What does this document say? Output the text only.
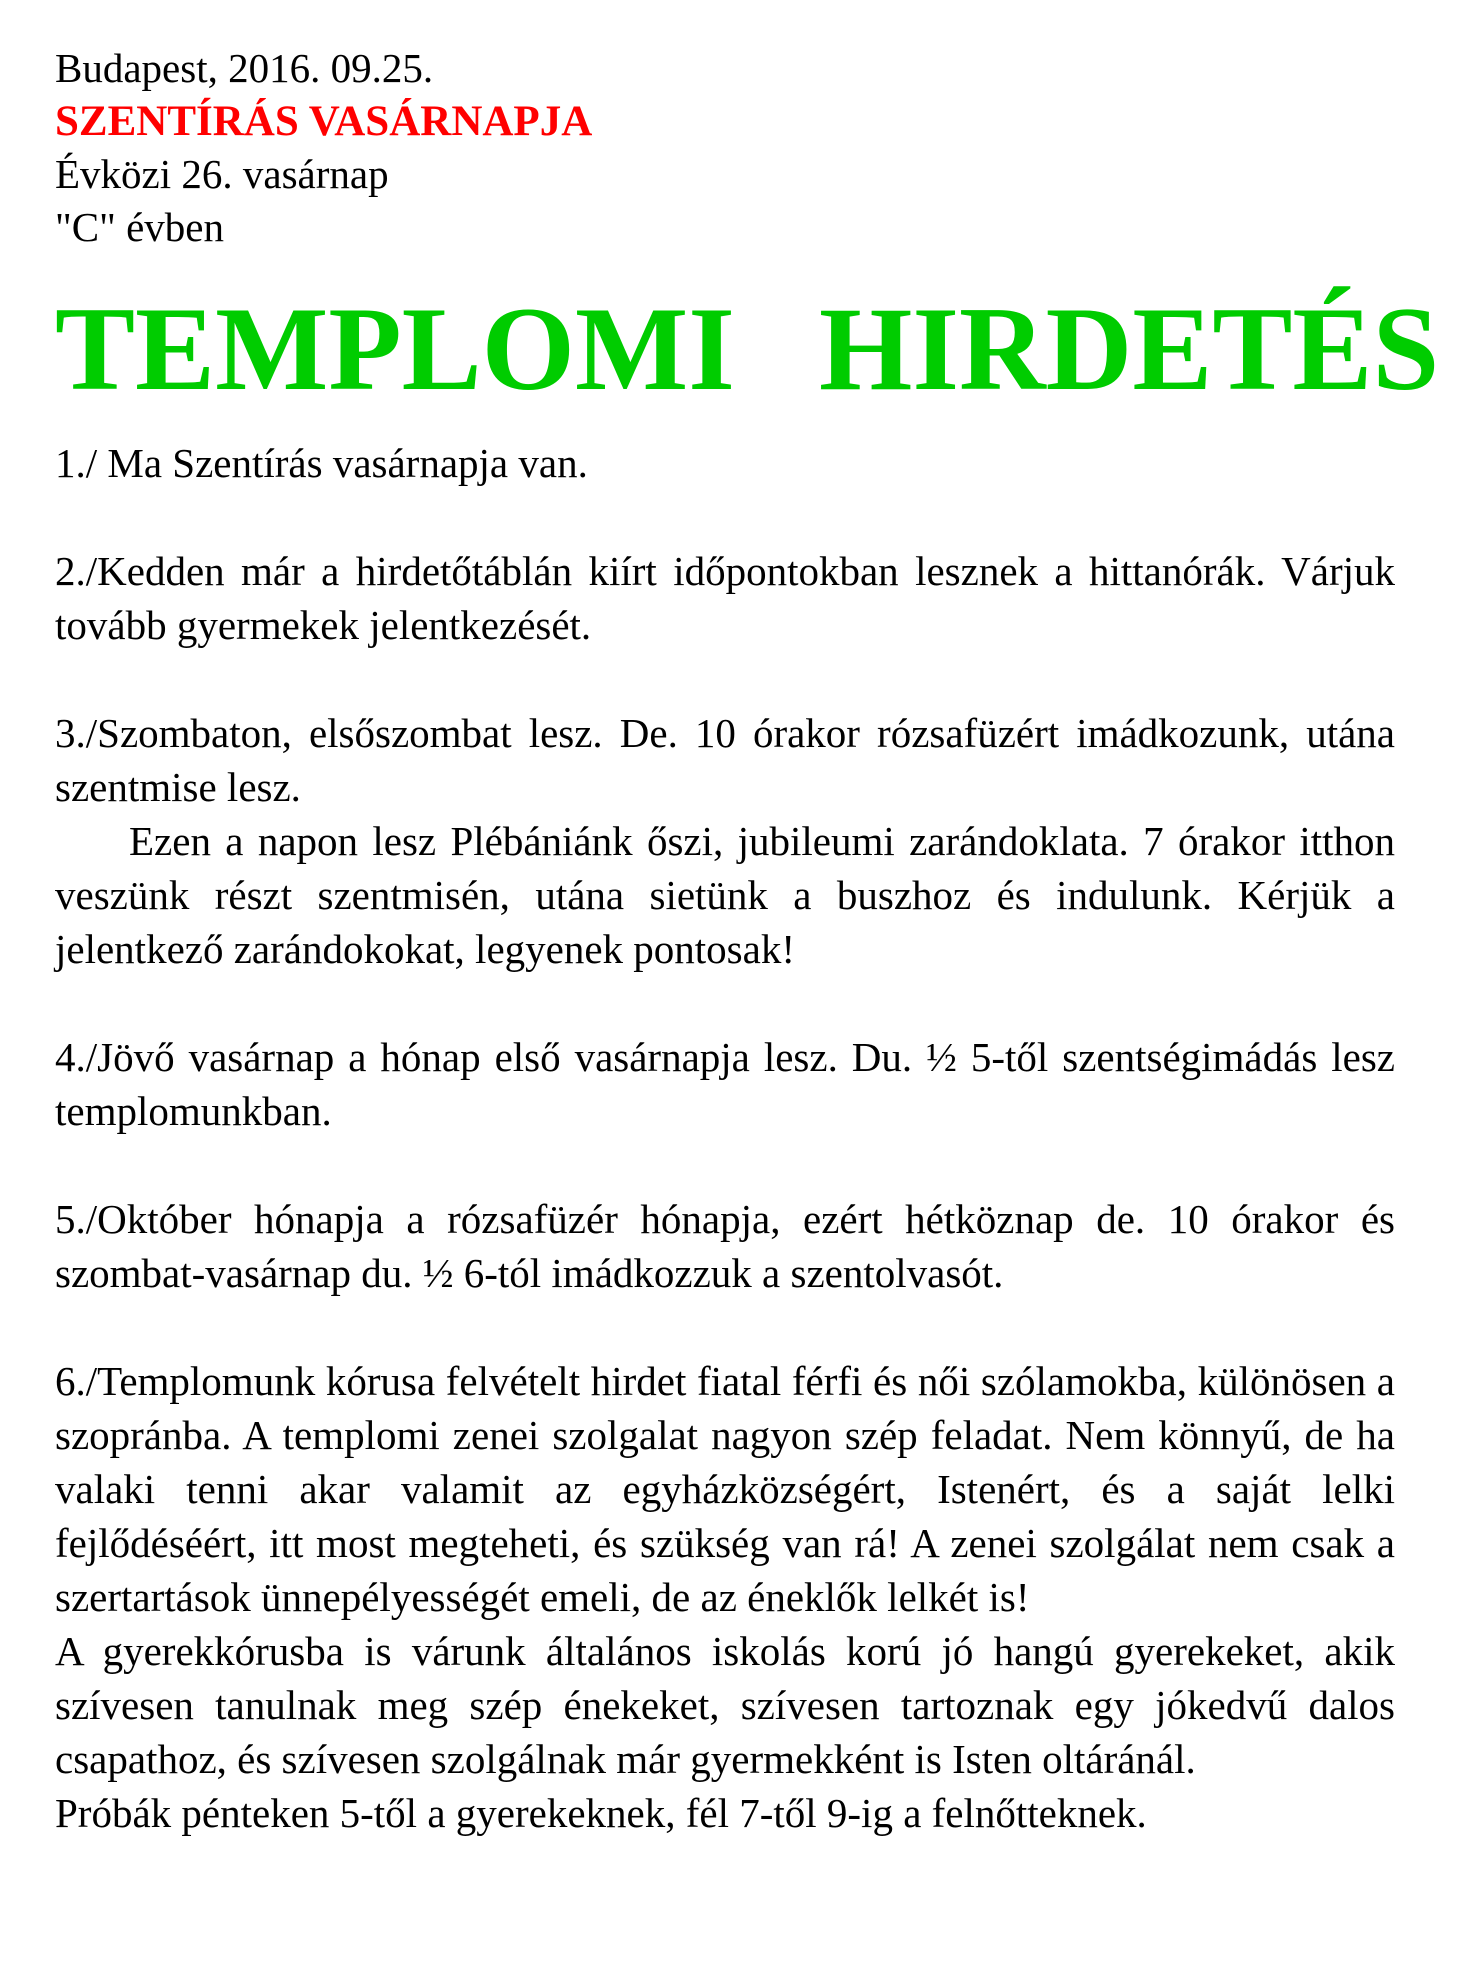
Budapest, 2016. 09.25.

SZENTÍRÁS VASÁRNAPJA

Évközi 26. vasárnap

"C" évben

TEMPLOMI HIRDETÉS

1./ Ma Szentírás vasárnapja van.

2./Kedden már a hirdetőtáblán kiírt időpontokban lesznek a hittanórák. Várjuk tovább gyermekek jelentkezését.

3./Szombaton, elsőszombat lesz. De. 10 órakor rózsafüzért imádkozunk, utána szentmise lesz.

Ezen a napon lesz Plébániánk őszi, jubileumi zarándoklata. 7 órakor itthon veszünk részt szentmisén, utána sietünk a buszhoz és indulunk. Kérjük a jelentkező zarándokokat, legyenek pontosak!

4./Jövő vasárnap a hónap első vasárnapja lesz. Du. ½ 5-től szentségimádás lesz templomunkban.

5./Október hónapja a rózsafüzér hónapja, ezért hétköznap de. 10 órakor és szombat-vasárnap du. ½ 6-tól imádkozzuk a szentolvasót.

6./Templomunk kórusa felvételt hirdet fiatal férfi és női szólamokba, különösen a szopránba. A templomi zenei szolgalat nagyon szép feladat. Nem könnyű, de ha valaki tenni akar valamit az egyházközségért, Istenért, és a saját lelki fejlődéséért, itt most megteheti, és szükség van rá! A zenei szolgálat nem csak a szertartások ünnepélyességét emeli, de az éneklők lelkét is!

A gyerekkórusba is várunk általános iskolás korú jó hangú gyerekeket, akik szívesen tanulnak meg szép énekeket, szívesen tartoznak egy jókedvű dalos csapathoz, és szívesen szolgálnak már gyermekként is Isten oltáránál.

Próbák pénteken 5-től a gyerekeknek, fél 7-től 9-ig a felnőtteknek.
